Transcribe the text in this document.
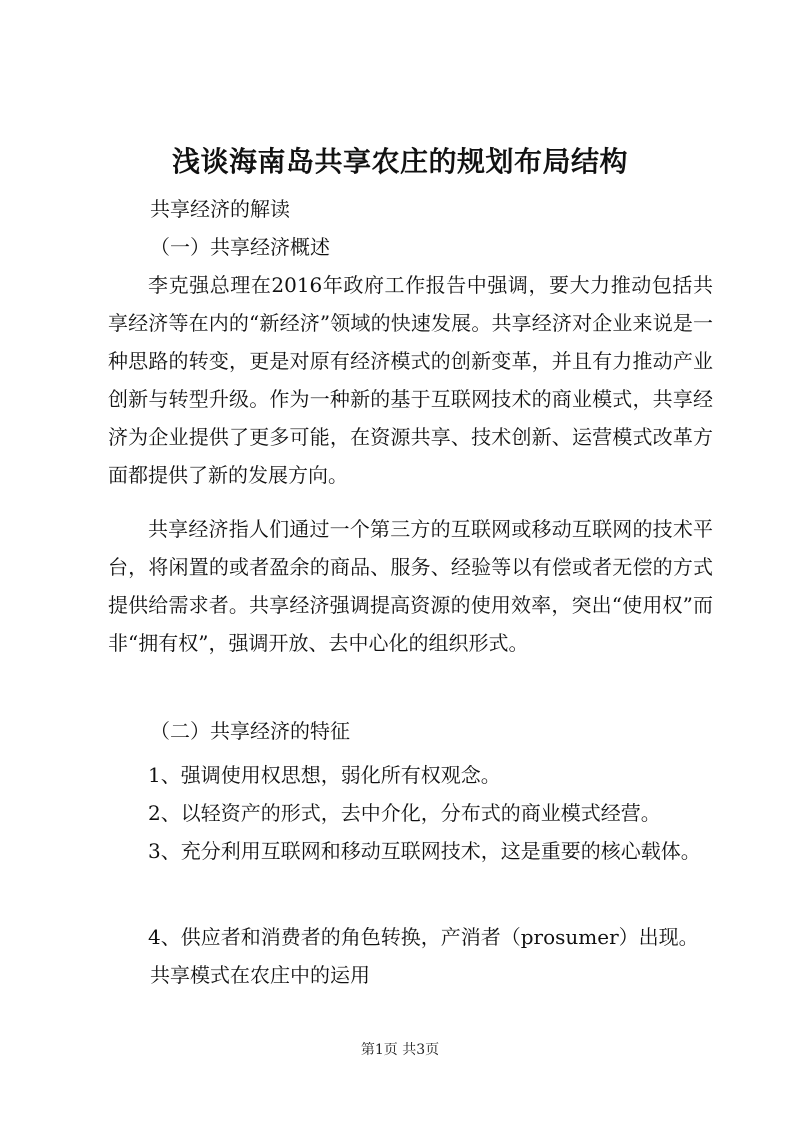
浅谈海南岛共享农庄的规划布局结构
共享经济的解读
（一）共享经济概述

李克强总理在2016年政府工作报告中强调，要大力推动包括共享经济等在内的“新经济”领域的快速发展。共享经济对企业来说是一种思路的转变，更是对原有经济模式的创新变革，并且有力推动产业创新与转型升级。作为一种新的基于互联网技术的商业模式，共享经济为企业提供了更多可能，在资源共享、技术创新、运营模式改革方面都提供了新的发展方向。

共享经济指人们通过一个第三方的互联网或移动互联网的技术平台，将闲置的或者盈余的商品、服务、经验等以有偿或者无偿的方式提供给需求者。共享经济强调提高资源的使用效率，突出“使用权”而非“拥有权”，强调开放、去中心化的组织形式。

（二）共享经济的特征

1、强调使用权思想，弱化所有权观念。

2、以轻资产的形式，去中介化，分布式的商业模式经营。

3、充分利用互联网和移动互联网技术，这是重要的核心载体。

4、供应者和消费者的角色转换，产消者（prosumer）出现。

共享模式在农庄中的运用
第1页 共3页
